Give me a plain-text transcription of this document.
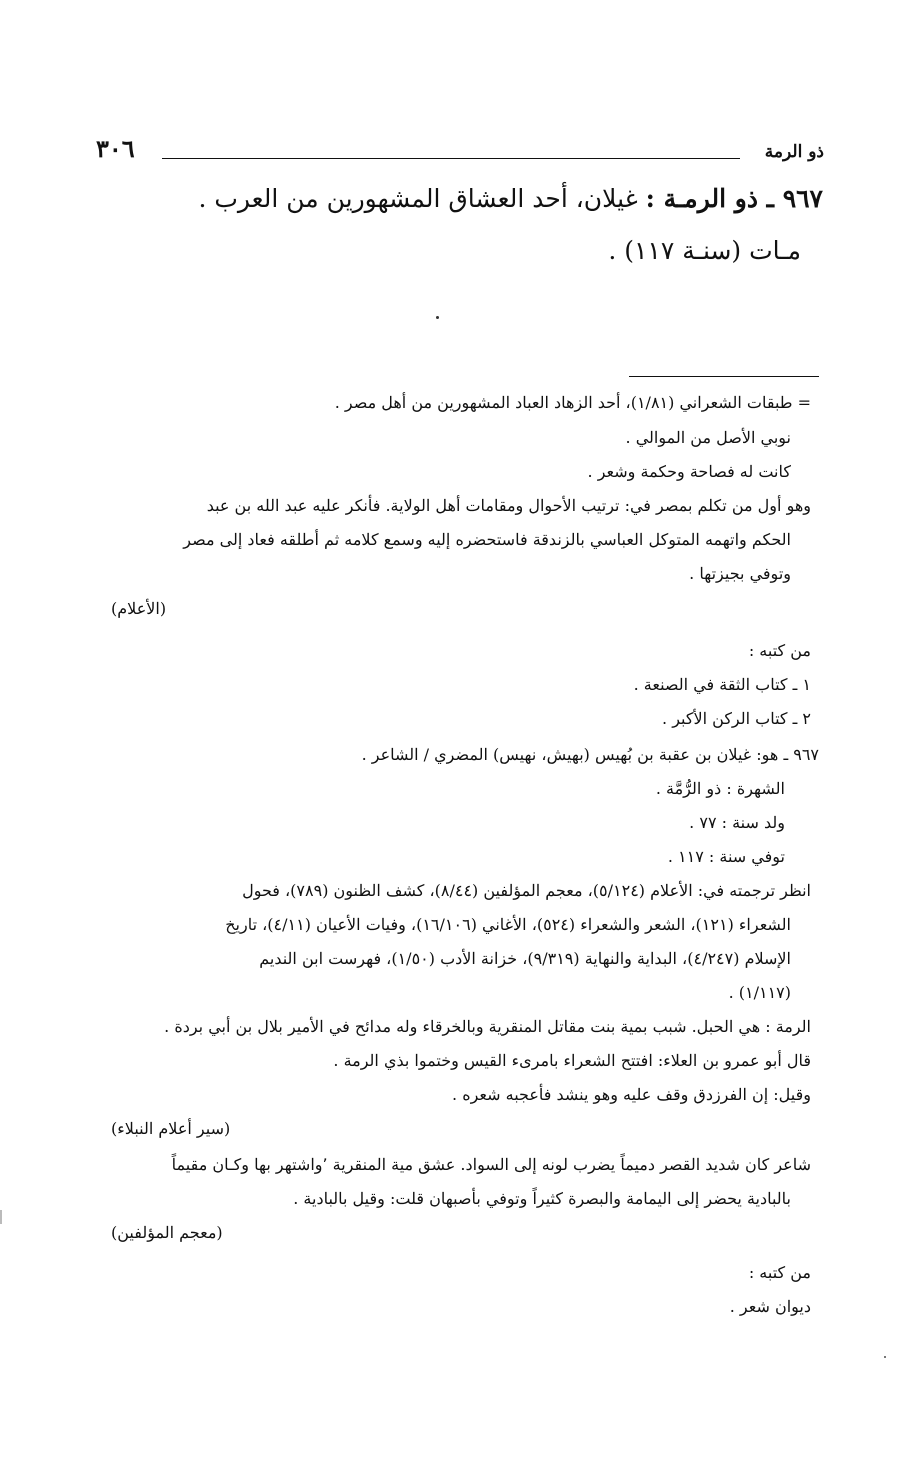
ذو الرمة
٣٠٦
٩٦٧ ـ ذو الرمـة : غيلان، أحد العشاق المشهورين من العرب .
مـات (سنـة ١١٧) .
= طبقات الشعراني (١/٨١)، أحد الزهاد العباد المشهورين من أهل مصر .
نوبي الأصل من الموالي .
كانت له فصاحة وحكمة وشعر .
وهو أول من تكلم بمصر في: ترتيب الأحوال ومقامات أهل الولاية. فأنكر عليه عبد الله بن عبد
الحكم واتهمه المتوكل العباسي بالزندقة فاستحضره إليه وسمع كلامه ثم أطلقه فعاد إلى مصر
وتوفي بجيزتها .
(الأعلام)
من كتبه :
١ ـ كتاب الثقة في الصنعة .
٢ ـ كتاب الركن الأكبر .
٩٦٧ ـ هو: غيلان بن عقبة بن بُهيس (بهيش، نهيس) المضري / الشاعر .
الشهرة : ذو الرُّمَّة .
ولد سنة : ٧٧ .
توفي سنة : ١١٧ .
انظر ترجمته في: الأعلام (٥/١٢٤)، معجم المؤلفين (٨/٤٤)، كشف الظنون (٧٨٩)، فحول
الشعراء (١٢١)، الشعر والشعراء (٥٢٤)، الأغاني (١٦/١٠٦)، وفيات الأعيان (٤/١١)، تاريخ
الإسلام (٤/٢٤٧)، البداية والنهاية (٩/٣١٩)، خزانة الأدب (١/٥٠)، فهرست ابن النديم
(١/١١٧) .
الرمة : هي الحبل. شبب بمية بنت مقاتل المنقرية وبالخرقاء وله مدائح في الأمير بلال بن أبي بردة .
قال أبو عمرو بن العلاء: افتتح الشعراء بامرىء القيس وختموا بذي الرمة .
وقيل: إن الفرزدق وقف عليه وهو ينشد فأعجبه شعره .
(سير أعلام النبلاء)
شاعر كان شديد القصر دميماً يضرب لونه إلى السواد. عشق مية المنقرية ٬واشتهر بها وكـان مقيماً
بالبادية يحضر إلى اليمامة والبصرة كثيراً وتوفي بأصبهان قلت: وقيل بالبادية .
(معجم المؤلفين)
من كتبه :
ديوان شعر .
